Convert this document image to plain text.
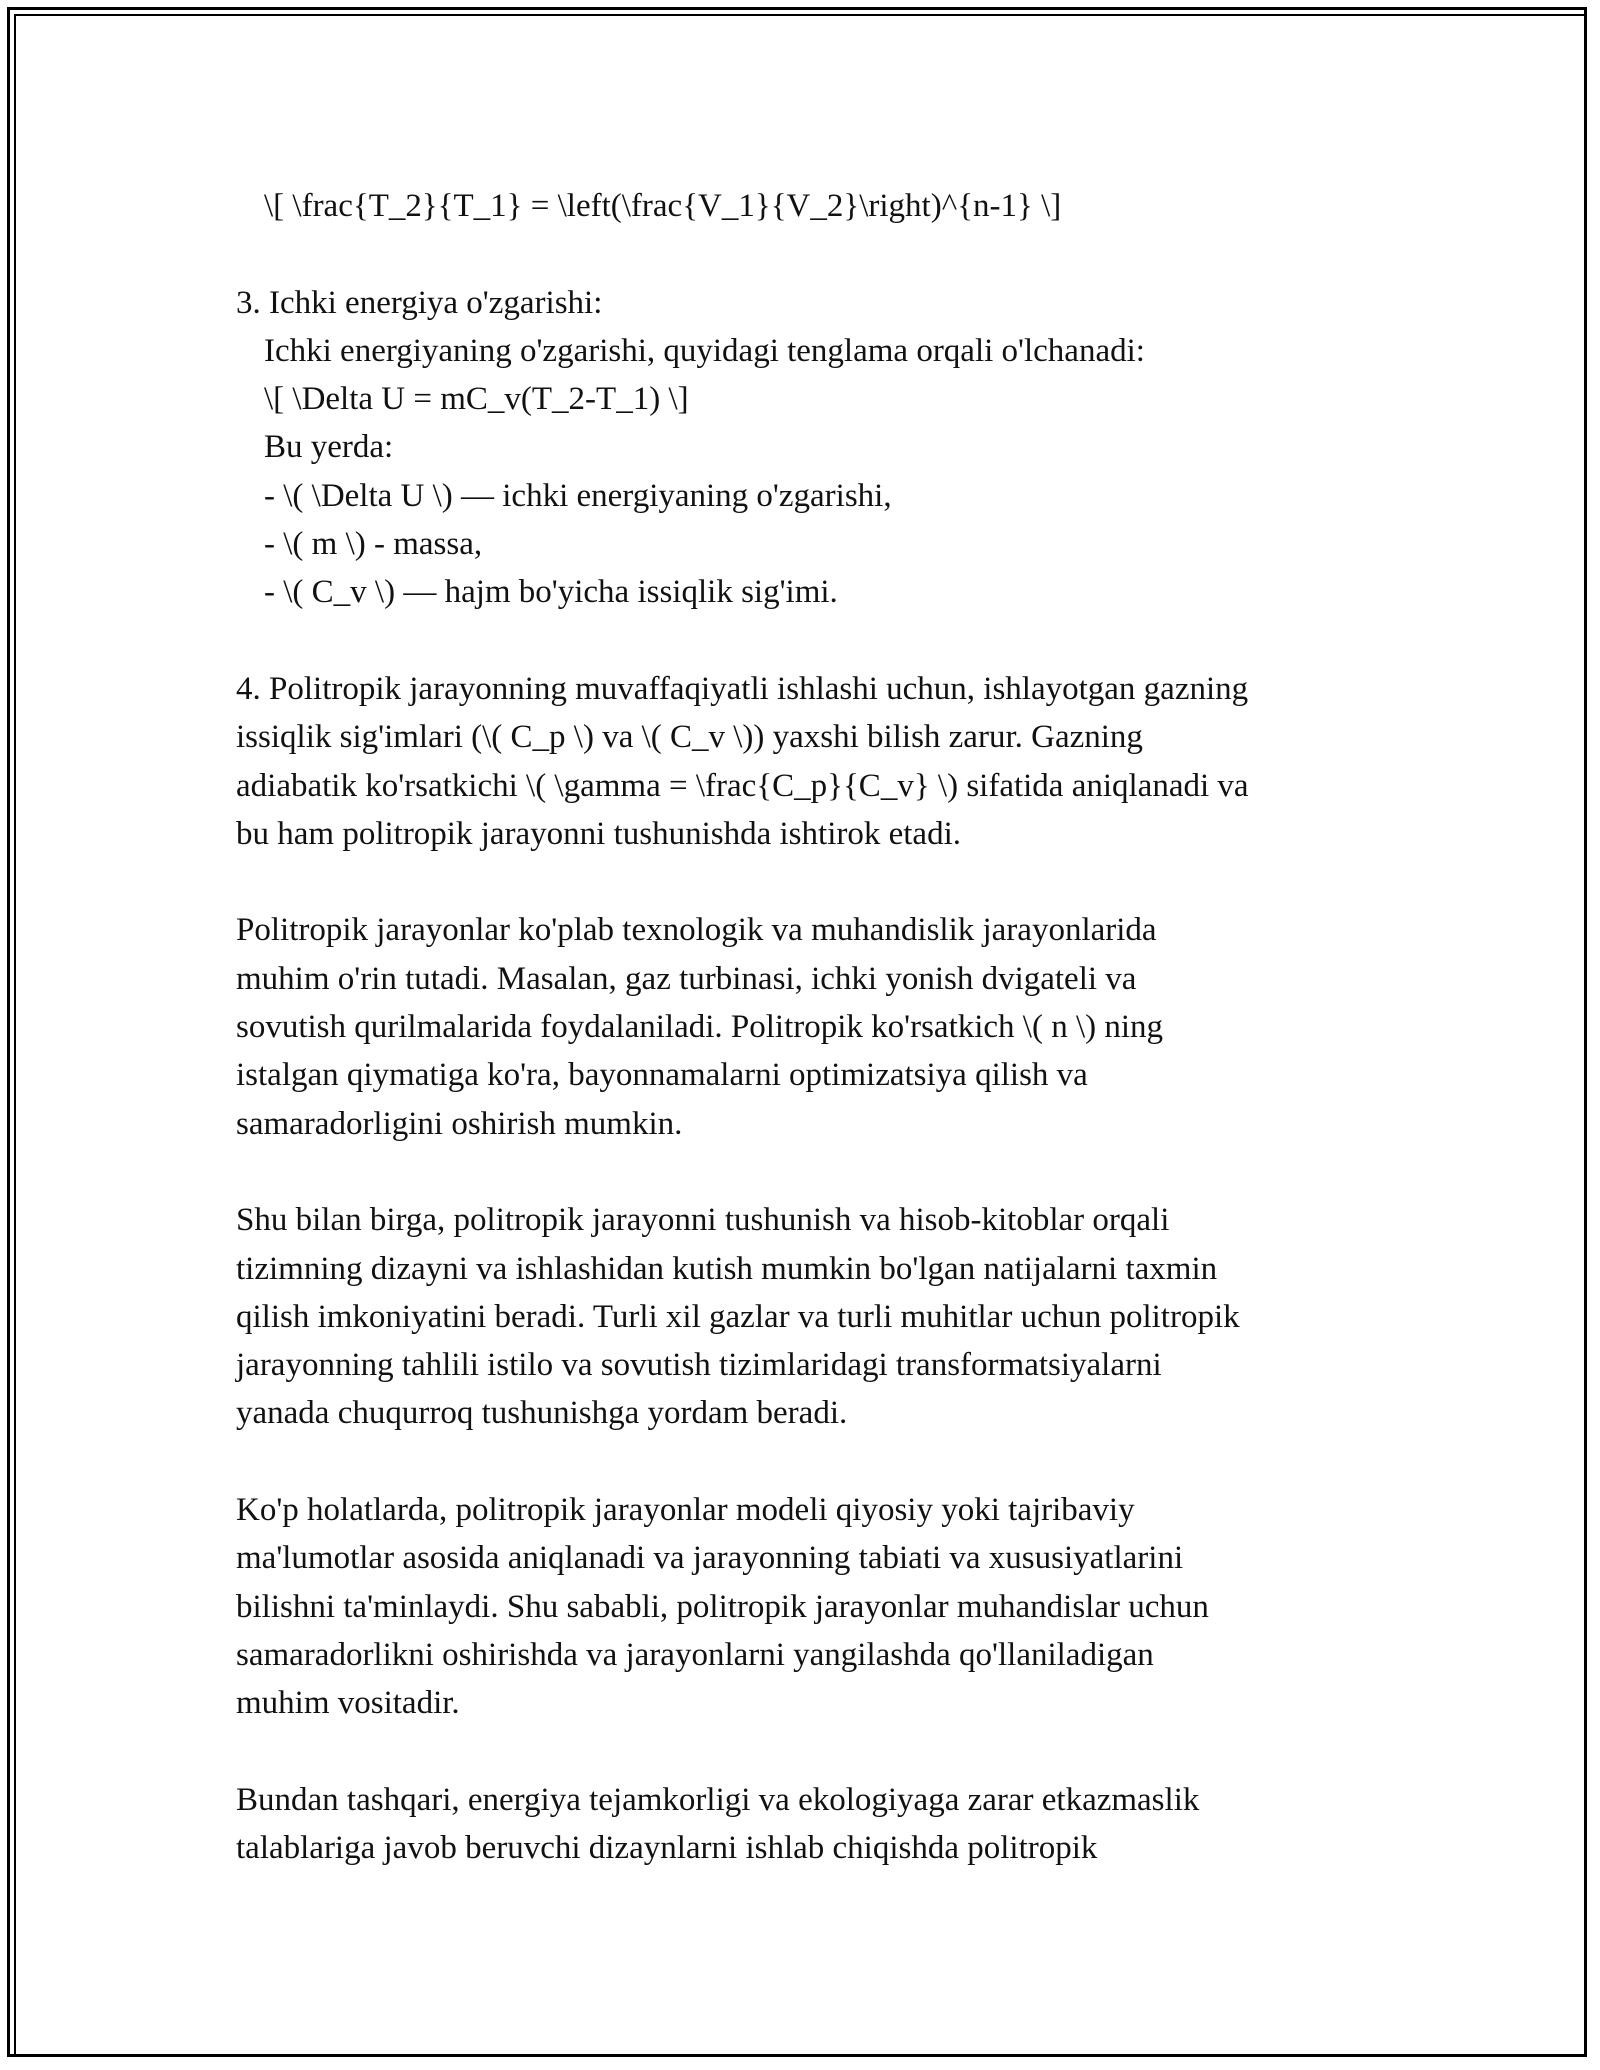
\[ \frac{T_2}{T_1} = \left(\frac{V_1}{V_2}\right)^{n-1} \]
3. Ichki energiya o'zgarishi:
Ichki energiyaning o'zgarishi, quyidagi tenglama orqali o'lchanadi:
\[ \Delta U = mC_v(T_2-T_1) \]
Bu yerda:
- \( \Delta U \) — ichki energiyaning o'zgarishi,
- \( m \) - massa,
- \( C_v \) — hajm bo'yicha issiqlik sig'imi.
4. Politropik jarayonning muvaffaqiyatli ishlashi uchun, ishlayotgan gazning
issiqlik sig'imlari (\( C_p \) va \( C_v \)) yaxshi bilish zarur. Gazning
adiabatik ko'rsatkichi \( \gamma = \frac{C_p}{C_v} \) sifatida aniqlanadi va
bu ham politropik jarayonni tushunishda ishtirok etadi.
Politropik jarayonlar ko'plab texnologik va muhandislik jarayonlarida
muhim o'rin tutadi. Masalan, gaz turbinasi, ichki yonish dvigateli va
sovutish qurilmalarida foydalaniladi. Politropik ko'rsatkich \( n \) ning
istalgan qiymatiga ko'ra, bayonnamalarni optimizatsiya qilish va
samaradorligini oshirish mumkin.
Shu bilan birga, politropik jarayonni tushunish va hisob-kitoblar orqali
tizimning dizayni va ishlashidan kutish mumkin bo'lgan natijalarni taxmin
qilish imkoniyatini beradi. Turli xil gazlar va turli muhitlar uchun politropik
jarayonning tahlili istilo va sovutish tizimlaridagi transformatsiyalarni
yanada chuqurroq tushunishga yordam beradi.
Ko'p holatlarda, politropik jarayonlar modeli qiyosiy yoki tajribaviy
ma'lumotlar asosida aniqlanadi va jarayonning tabiati va xususiyatlarini
bilishni ta'minlaydi. Shu sababli, politropik jarayonlar muhandislar uchun
samaradorlikni oshirishda va jarayonlarni yangilashda qo'llaniladigan
muhim vositadir.
Bundan tashqari, energiya tejamkorligi va ekologiyaga zarar etkazmaslik
talablariga javob beruvchi dizaynlarni ishlab chiqishda politropik
